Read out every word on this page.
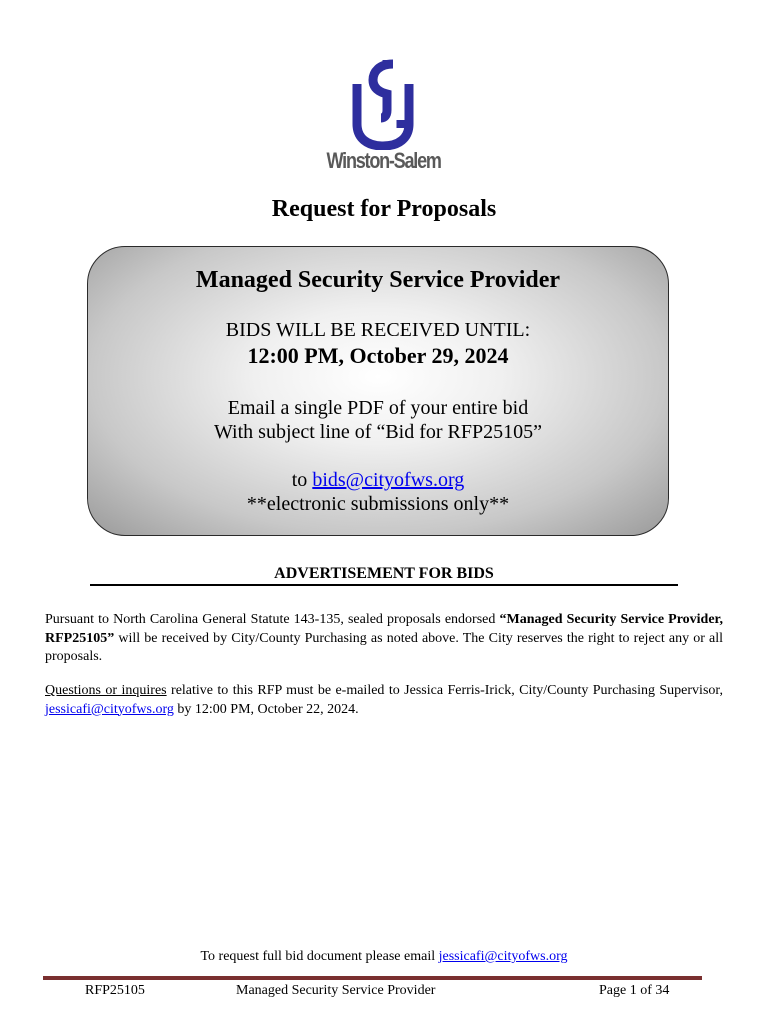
Winston-Salem
Request for Proposals
Managed Security Service Provider
BIDS WILL BE RECEIVED UNTIL:
12:00 PM, October 29, 2024
Email a single PDF of your entire bid
With subject line of “Bid for RFP25105”
to bids@cityofws.org
**electronic submissions only**
ADVERTISEMENT FOR BIDS
Pursuant to North Carolina General Statute 143-135, sealed proposals endorsed “Managed Security Service Provider, RFP25105” will be received by City/County Purchasing as noted above. The City reserves the right to reject any or all proposals.
Questions or inquires relative to this RFP must be e-mailed to Jessica Ferris-Irick, City/County Purchasing Supervisor, jessicafi@cityofws.org by 12:00 PM, October 22, 2024.
To request full bid document please email jessicafi@cityofws.org
RFP25105	Managed Security Service Provider	Page 1 of 34
